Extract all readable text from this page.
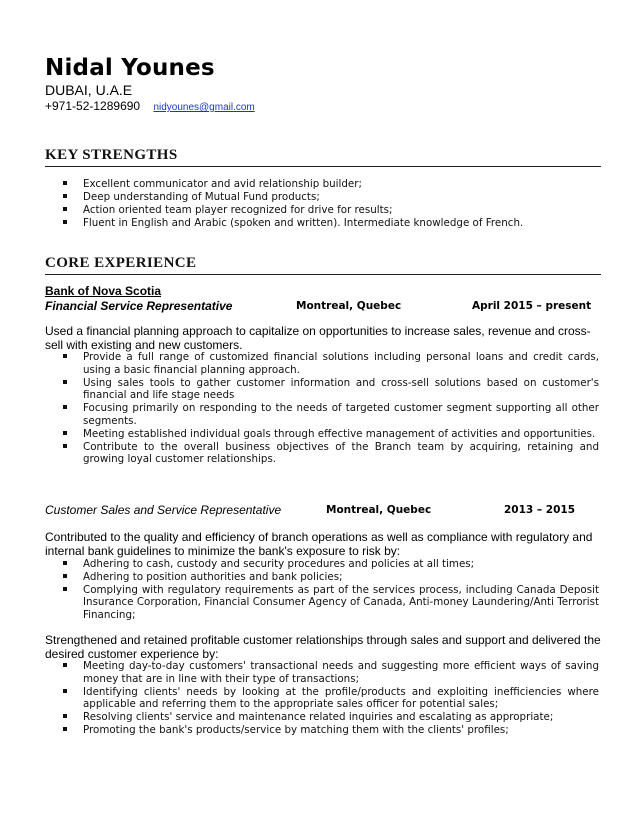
Nidal Younes
DUBAI, U.A.E
+971-52-1289690 nidyounes@gmail.com
KEY STRENGTHS
Excellent communicator and avid relationship builder;
Deep understanding of Mutual Fund products;
Action oriented team player recognized for drive for results;
Fluent in English and Arabic (spoken and written). Intermediate knowledge of French.
CORE EXPERIENCE
Bank of Nova Scotia
Financial Service Representative	Montreal, Quebec	April 2015 – present
Used a financial planning approach to capitalize on opportunities to increase sales, revenue and cross-sell with existing and new customers.
Provide a full range of customized financial solutions including personal loans and credit cards, using a basic financial planning approach.
Using sales tools to gather customer information and cross-sell solutions based on customer's financial and life stage needs
Focusing primarily on responding to the needs of targeted customer segment supporting all other segments.
Meeting established individual goals through effective management of activities and opportunities.
Contribute to the overall business objectives of the Branch team by acquiring, retaining and growing loyal customer relationships.
Customer Sales and Service Representative	Montreal, Quebec	2013 – 2015
Contributed to the quality and efficiency of branch operations as well as compliance with regulatory and internal bank guidelines to minimize the bank's exposure to risk by:
Adhering to cash, custody and security procedures and policies at all times;
Adhering to position authorities and bank policies;
Complying with regulatory requirements as part of the services process, including Canada Deposit Insurance Corporation, Financial Consumer Agency of Canada, Anti-money Laundering/Anti Terrorist Financing;
Strengthened and retained profitable customer relationships through sales and support and delivered the desired customer experience by:
Meeting day-to-day customers' transactional needs and suggesting more efficient ways of saving money that are in line with their type of transactions;
Identifying clients' needs by looking at the profile/products and exploiting inefficiencies where applicable and referring them to the appropriate sales officer for potential sales;
Resolving clients' service and maintenance related inquiries and escalating as appropriate;
Promoting the bank's products/service by matching them with the clients' profiles;
